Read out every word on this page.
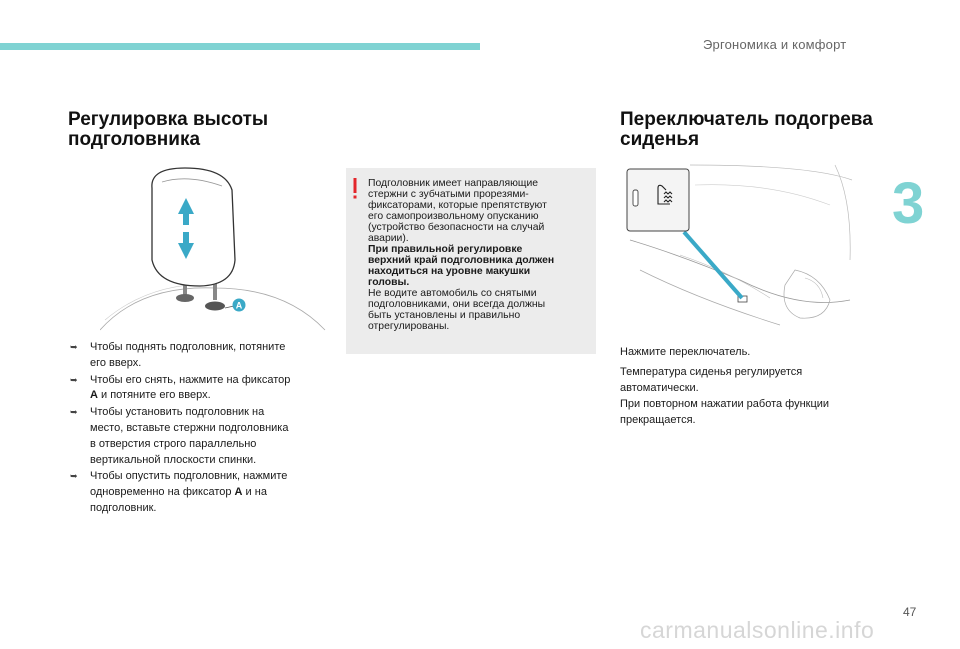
Эргономика и комфорт
3
Регулировка высоты
подголовника
A
➥ Чтобы поднять подголовник, потяните
его вверх.
➥ Чтобы его снять, нажмите на фиксатор
A и потяните его вверх.
➥ Чтобы установить подголовник на
место, вставьте стержни подголовника
в отверстия строго параллельно
вертикальной плоскости спинки.
➥ Чтобы опустить подголовник, нажмите
одновременно на фиксатор A и на
подголовник.
Подголовник имеет направляющие
стержни с зубчатыми прорезями-
фиксаторами, которые препятствуют
его самопроизвольному опусканию
(устройство безопасности на случай
аварии).
При правильной регулировке
верхний край подголовника должен
находиться на уровне макушки
головы.
Не водите автомобиль со снятыми
подголовниками, они всегда должны
быть установлены и правильно
отрегулированы.
Переключатель подогрева
сиденья
Нажмите переключатель.
Температура сиденья регулируется
автоматически.
При повторном нажатии работа функции
прекращается.
47
carmanualsonline.info
